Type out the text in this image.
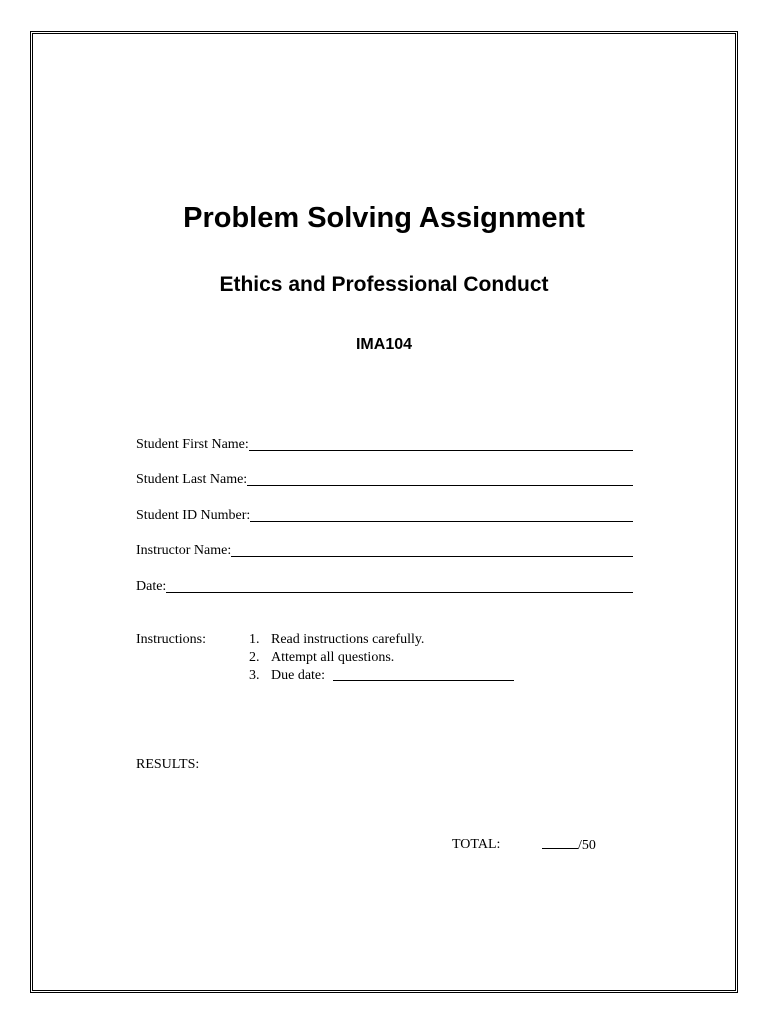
Problem Solving Assignment
Ethics and Professional Conduct
IMA104
Student First Name:
Student Last Name:
Student ID Number:
Instructor Name:
Date:
Instructions:	1. Read instructions carefully.
2. Attempt all questions.
3. Due date:
RESULTS:
TOTAL:	/50
